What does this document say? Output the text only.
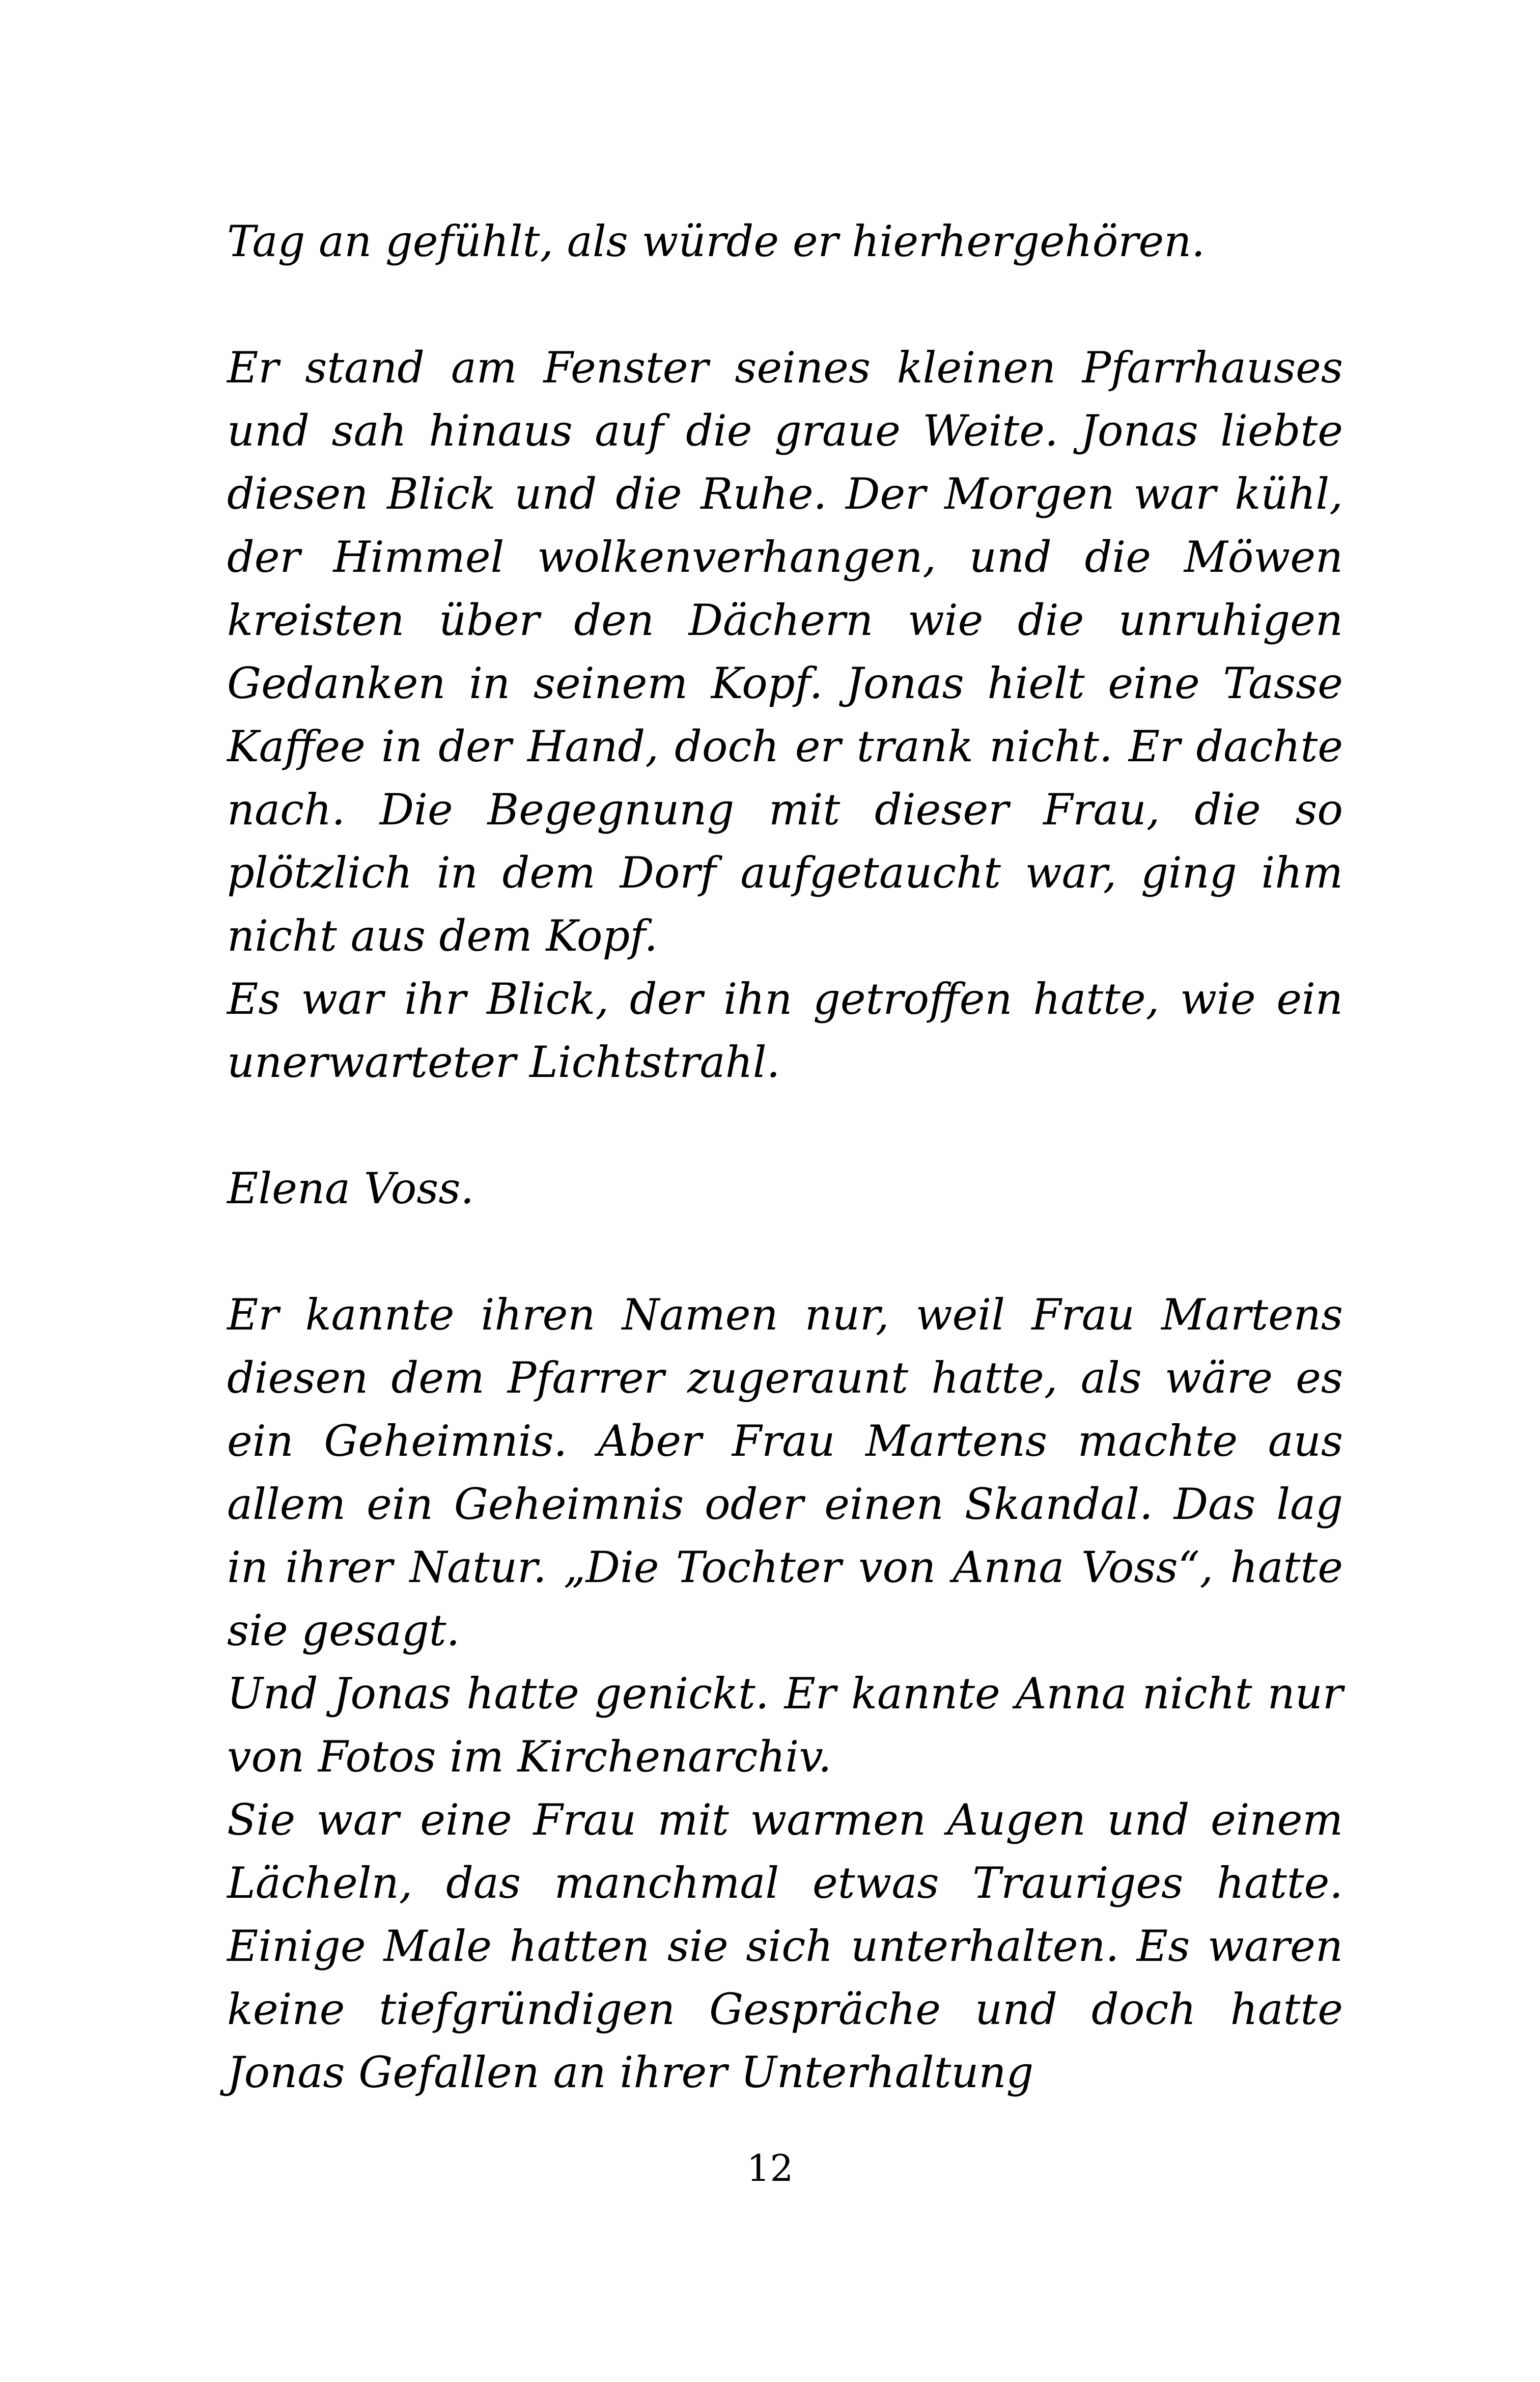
Tag an gefühlt, als würde er hierhergehören.

Er stand am Fenster seines kleinen Pfarrhauses und sah hinaus auf die graue Weite. Jonas liebte diesen Blick und die Ruhe. Der Morgen war kühl, der Himmel wolkenverhangen, und die Möwen kreisten über den Dächern wie die unruhigen Gedanken in seinem Kopf. Jonas hielt eine Tasse Kaffee in der Hand, doch er trank nicht. Er dachte nach. Die Begegnung mit dieser Frau, die so plötzlich in dem Dorf aufgetaucht war, ging ihm nicht aus dem Kopf.

Es war ihr Blick, der ihn getroffen hatte, wie ein unerwarteter Lichtstrahl.

Elena Voss.

Er kannte ihren Namen nur, weil Frau Martens diesen dem Pfarrer zugeraunt hatte, als wäre es ein Geheimnis. Aber Frau Martens machte aus allem ein Geheimnis oder einen Skandal. Das lag in ihrer Natur. „Die Tochter von Anna Voss“, hatte sie gesagt.

Und Jonas hatte genickt. Er kannte Anna nicht nur von Fotos im Kirchenarchiv.

Sie war eine Frau mit warmen Augen und einem Lächeln, das manchmal etwas Trauriges hatte. Einige Male hatten sie sich unterhalten. Es waren keine tiefgründigen Gespräche und doch hatte Jonas Gefallen an ihrer Unterhaltung

12
